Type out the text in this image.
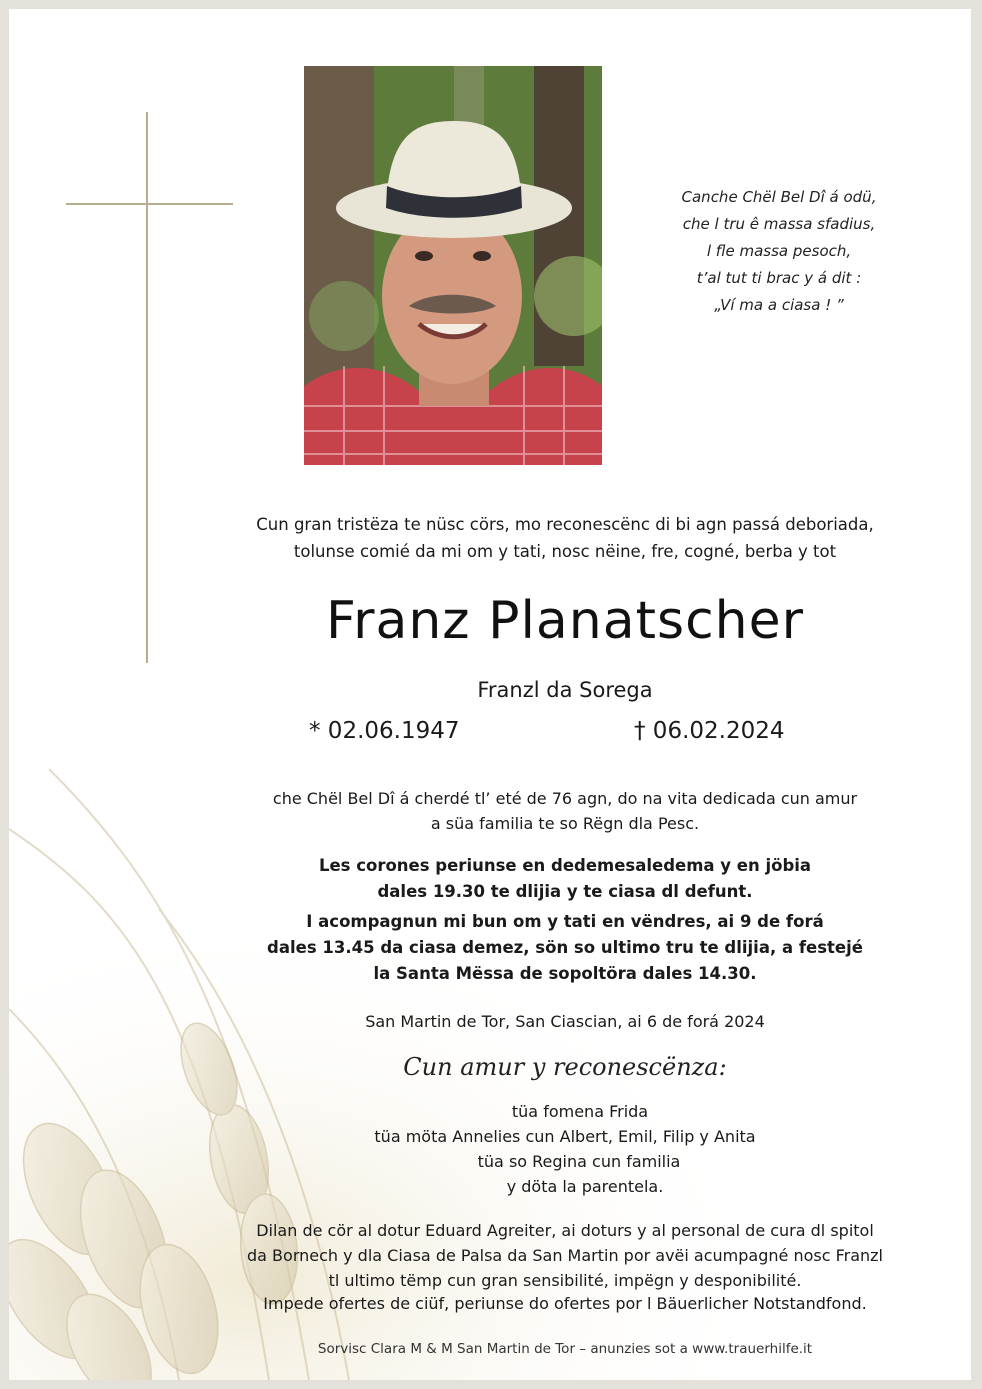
Canche Chël Bel Dî á odü,
che l tru ê massa sfadius,
l fle massa pesoch,
t’al tut ti brac y á dit :
„Ví ma a ciasa ! ”
Cun gran tristëza te nüsc cörs, mo reconescënc di bi agn passá deboriada,
tolunse comié da mi om y tati, nosc nëine, fre, cogné, berba y tot
Franz Planatscher
Franzl da Sorega
* 02.06.1947	† 06.02.2024
che Chël Bel Dî á cherdé tl’ eté de 76 agn, do na vita dedicada cun amur
a süa familia te so Rëgn dla Pesc.
Les corones periunse en dedemesaledema y en jöbia
dales 19.30 te dlijia y te ciasa dl defunt.
I acompagnun mi bun om y tati en vëndres, ai 9 de forá
dales 13.45 da ciasa demez, sön so ultimo tru te dlijia, a festejé
la Santa Mëssa de sopoltöra dales 14.30.
San Martin de Tor, San Ciascian, ai 6 de forá 2024
Cun amur y reconescënza:
tüa fomena Frida
tüa möta Annelies cun Albert, Emil, Filip y Anita
tüa so Regina cun familia
y döta la parentela.
Dilan de cör al dotur Eduard Agreiter, ai doturs y al personal de cura dl spitol
da Bornech y dla Ciasa de Palsa da San Martin por avëi acumpagné nosc Franzl
tl ultimo tëmp cun gran sensibilité, impëgn y desponibilité.
Impede ofertes de ciüf, periunse do ofertes por l Bäuerlicher Notstandfond.
Sorvisc Clara M & M San Martin de Tor – anunzies sot a www.trauerhilfe.it
